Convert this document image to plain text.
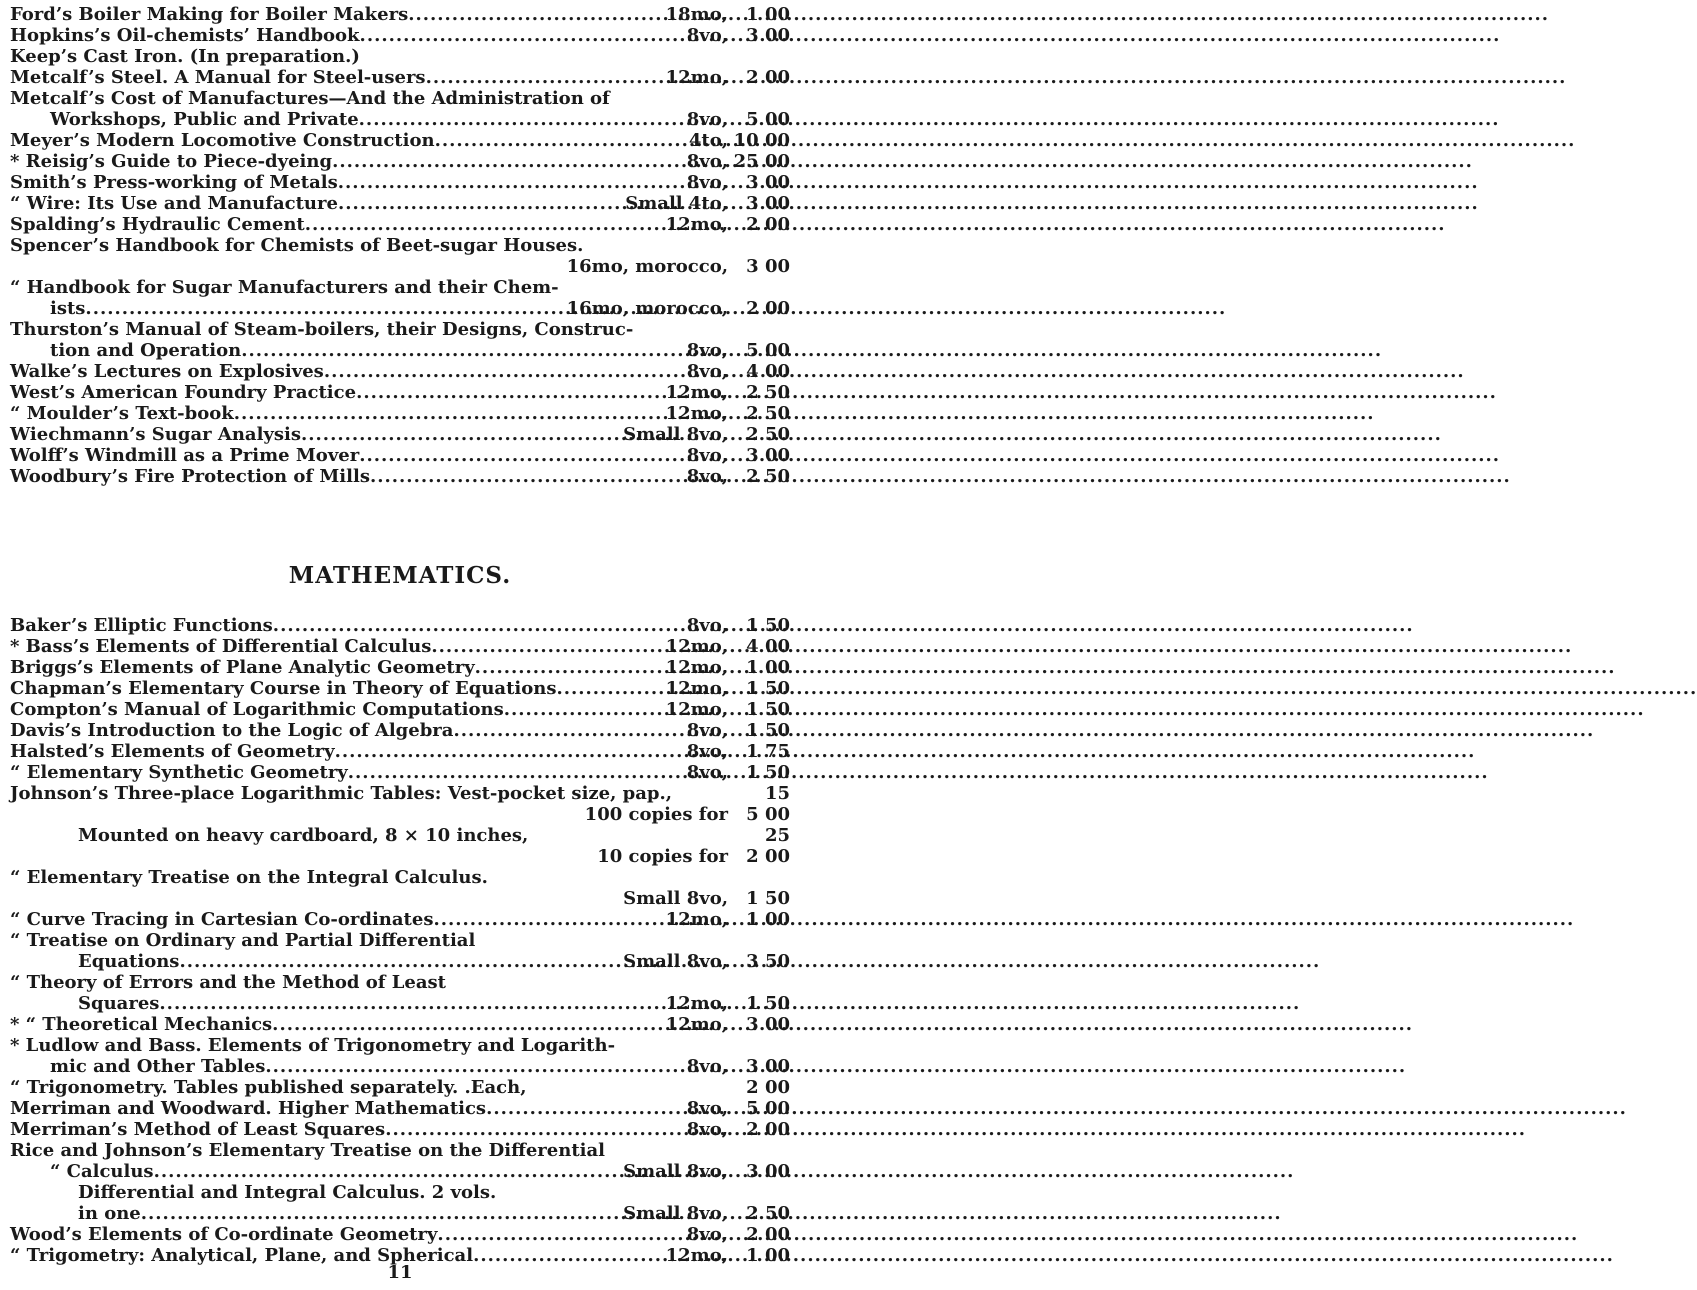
Ford’s Boiler Making for Boiler Makers .....	18mo,	1 00
Hopkins’s Oil-chemists’ Handbook .....	8vo,	3 00
Keep’s Cast Iron. (In preparation.)
Metcalf’s Steel. A Manual for Steel-users .....	12mo,	2 00
Metcalf’s Cost of Manufactures—And the Administration of
Workshops, Public and Private .....	8vo,	5 00
Meyer’s Modern Locomotive Construction .....	4to, 10 00
* Reisig’s Guide to Piece-dyeing .....	8vo, 25 00
Smith’s Press-working of Metals .....	8vo,	3 00
“ Wire: Its Use and Manufacture .....	Small 4to,	3 00
Spalding’s Hydraulic Cement .....	12mo,	2 00
Spencer’s Handbook for Chemists of Beet-sugar Houses.
16mo, morocco,	3 00
“ Handbook for Sugar Manufacturers and their Chem-
ists .....	16mo, morocco,	2 00
Thurston’s Manual of Steam-boilers, their Designs, Construc-
tion and Operation .....	8vo,	5 00
Walke’s Lectures on Explosives .....	8vo,	4 00
West’s American Foundry Practice .....	12mo,	2 50
“ Moulder’s Text-book .....	12mo,	2 50
Wiechmann’s Sugar Analysis .....	Small 8vo,	2 50
Wolff’s Windmill as a Prime Mover .....	8vo,	3 00
Woodbury’s Fire Protection of Mills .....	8vo,	2 50
MATHEMATICS.
Baker’s Elliptic Functions .....	8vo,	1 50
* Bass’s Elements of Differential Calculus .....	12mo,	4 00
Briggs’s Elements of Plane Analytic Geometry .....	12mo,	1 00
Chapman’s Elementary Course in Theory of Equations .....	12mo,	1 50
Compton’s Manual of Logarithmic Computations .....	12mo,	1 50
Davis’s Introduction to the Logic of Algebra .....	8vo,	1 50
Halsted’s Elements of Geometry .....	8vo,	1 75
“ Elementary Synthetic Geometry .....	8vo,	1 50
Johnson’s Three-place Logarithmic Tables: Vest-pocket size, pap.,	15
100 copies for	5 00
Mounted on heavy cardboard, 8 × 10 inches,	25
10 copies for	2 00
“ Elementary Treatise on the Integral Calculus.
Small 8vo,	1 50
“ Curve Tracing in Cartesian Co-ordinates .....	12mo,	1 00
“ Treatise on Ordinary and Partial Differential
Equations .....	Small 8vo,	3 50
“ Theory of Errors and the Method of Least
Squares .....	12mo,	1 50
* “ Theoretical Mechanics .....	12mo,	3 00
* Ludlow and Bass. Elements of Trigonometry and Logarith-
mic and Other Tables .....	8vo,	3 00
“ Trigonometry. Tables published separately. .Each,	2 00
Merriman and Woodward. Higher Mathematics .....	8vo,	5 00
Merriman’s Method of Least Squares .....	8vo,	2 00
Rice and Johnson’s Elementary Treatise on the Differential
“ Calculus .....	Small 8vo,	3 00
Differential and Integral Calculus. 2 vols.
in one .....	Small 8vo,	2 50
Wood’s Elements of Co-ordinate Geometry .....	8vo,	2 00
“ Trigometry: Analytical, Plane, and Spherical .....	12mo,	1 00
11
